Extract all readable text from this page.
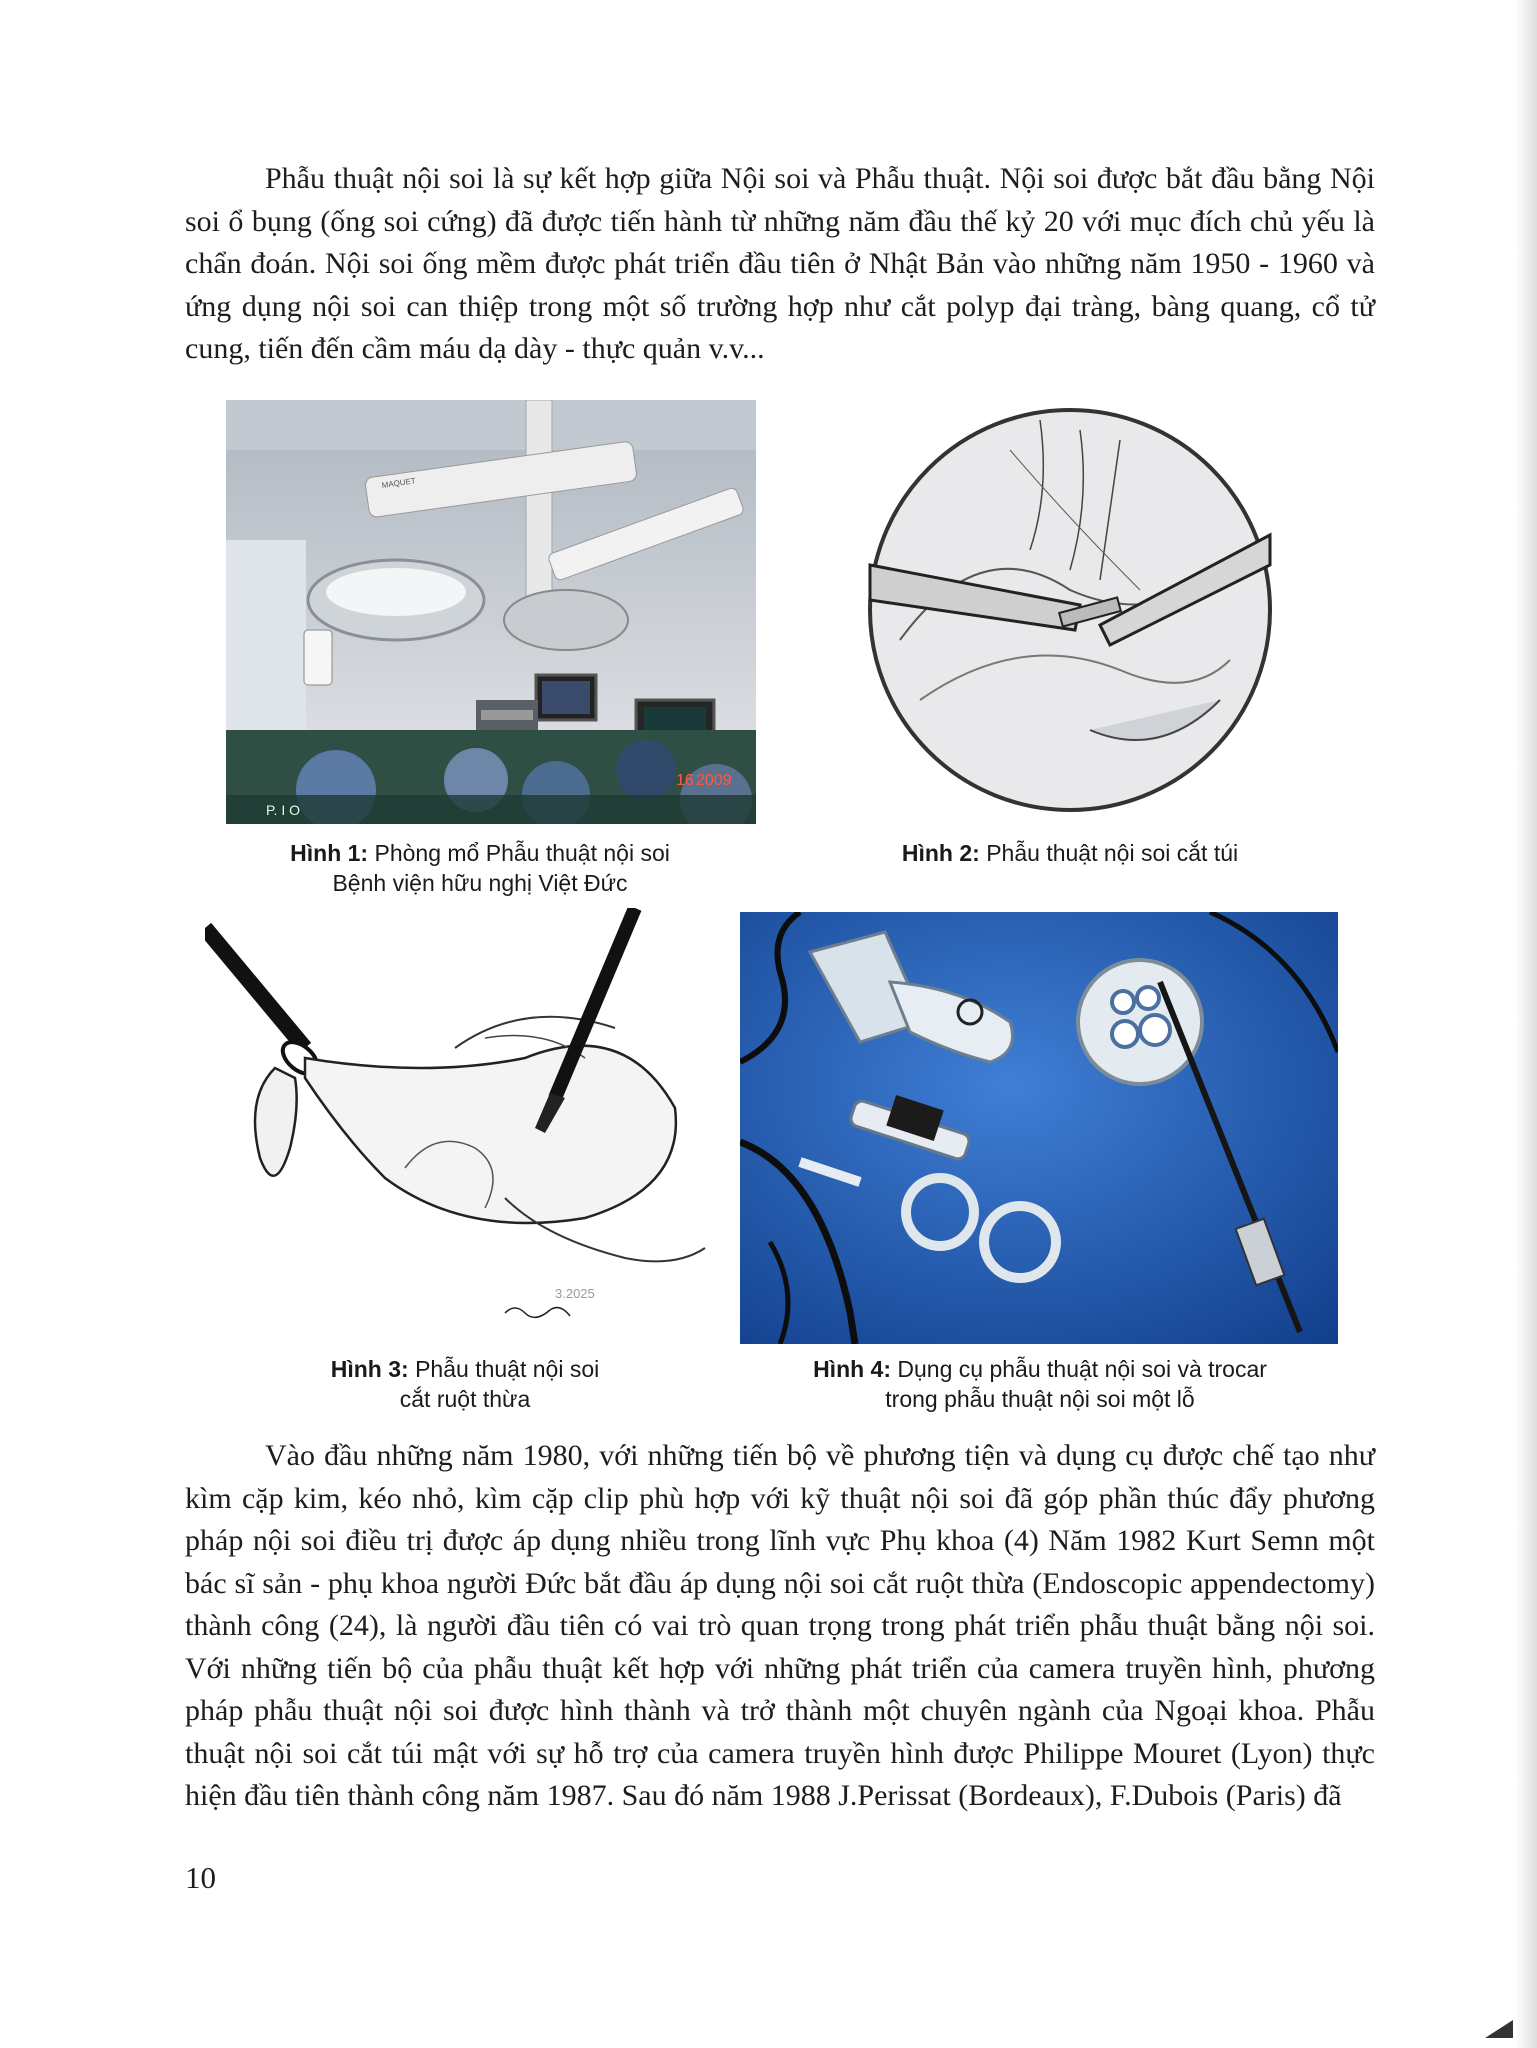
Phẫu thuật nội soi là sự kết hợp giữa Nội soi và Phẫu thuật. Nội soi được bắt đầu bằng Nội soi ổ bụng (ống soi cứng) đã được tiến hành từ những năm đầu thế kỷ 20 với mục đích chủ yếu là chẩn đoán. Nội soi ống mềm được phát triển đầu tiên ở Nhật Bản vào những năm 1950 - 1960 và ứng dụng nội soi can thiệp trong một số trường hợp như cắt polyp đại tràng, bàng quang, cổ tử cung, tiến đến cầm máu dạ dày - thực quản v.v...

16 2009
P. I O
MAQUET
Hình 1: Phòng mổ Phẫu thuật nội soi
Bệnh viện hữu nghị Việt Đức
Hình 2: Phẫu thuật nội soi cắt túi
3.2025
Hình 3: Phẫu thuật nội soi
cắt ruột thừa
Hình 4: Dụng cụ phẫu thuật nội soi và trocar
trong phẫu thuật nội soi một lỗ

Vào đầu những năm 1980, với những tiến bộ về phương tiện và dụng cụ được chế tạo như kìm cặp kim, kéo nhỏ, kìm cặp clip phù hợp với kỹ thuật nội soi đã góp phần thúc đẩy phương pháp nội soi điều trị được áp dụng nhiều trong lĩnh vực Phụ khoa (4) Năm 1982 Kurt Semn một bác sĩ sản - phụ khoa người Đức bắt đầu áp dụng nội soi cắt ruột thừa (Endoscopic appendectomy) thành công (24), là người đầu tiên có vai trò quan trọng trong phát triển phẫu thuật bằng nội soi. Với những tiến bộ của phẫu thuật kết hợp với những phát triển của camera truyền hình, phương pháp phẫu thuật nội soi được hình thành và trở thành một chuyên ngành của Ngoại khoa. Phẫu thuật nội soi cắt túi mật với sự hỗ trợ của camera truyền hình được Philippe Mouret (Lyon) thực hiện đầu tiên thành công năm 1987. Sau đó năm 1988 J.Perissat (Bordeaux), F.Dubois (Paris) đã

10
